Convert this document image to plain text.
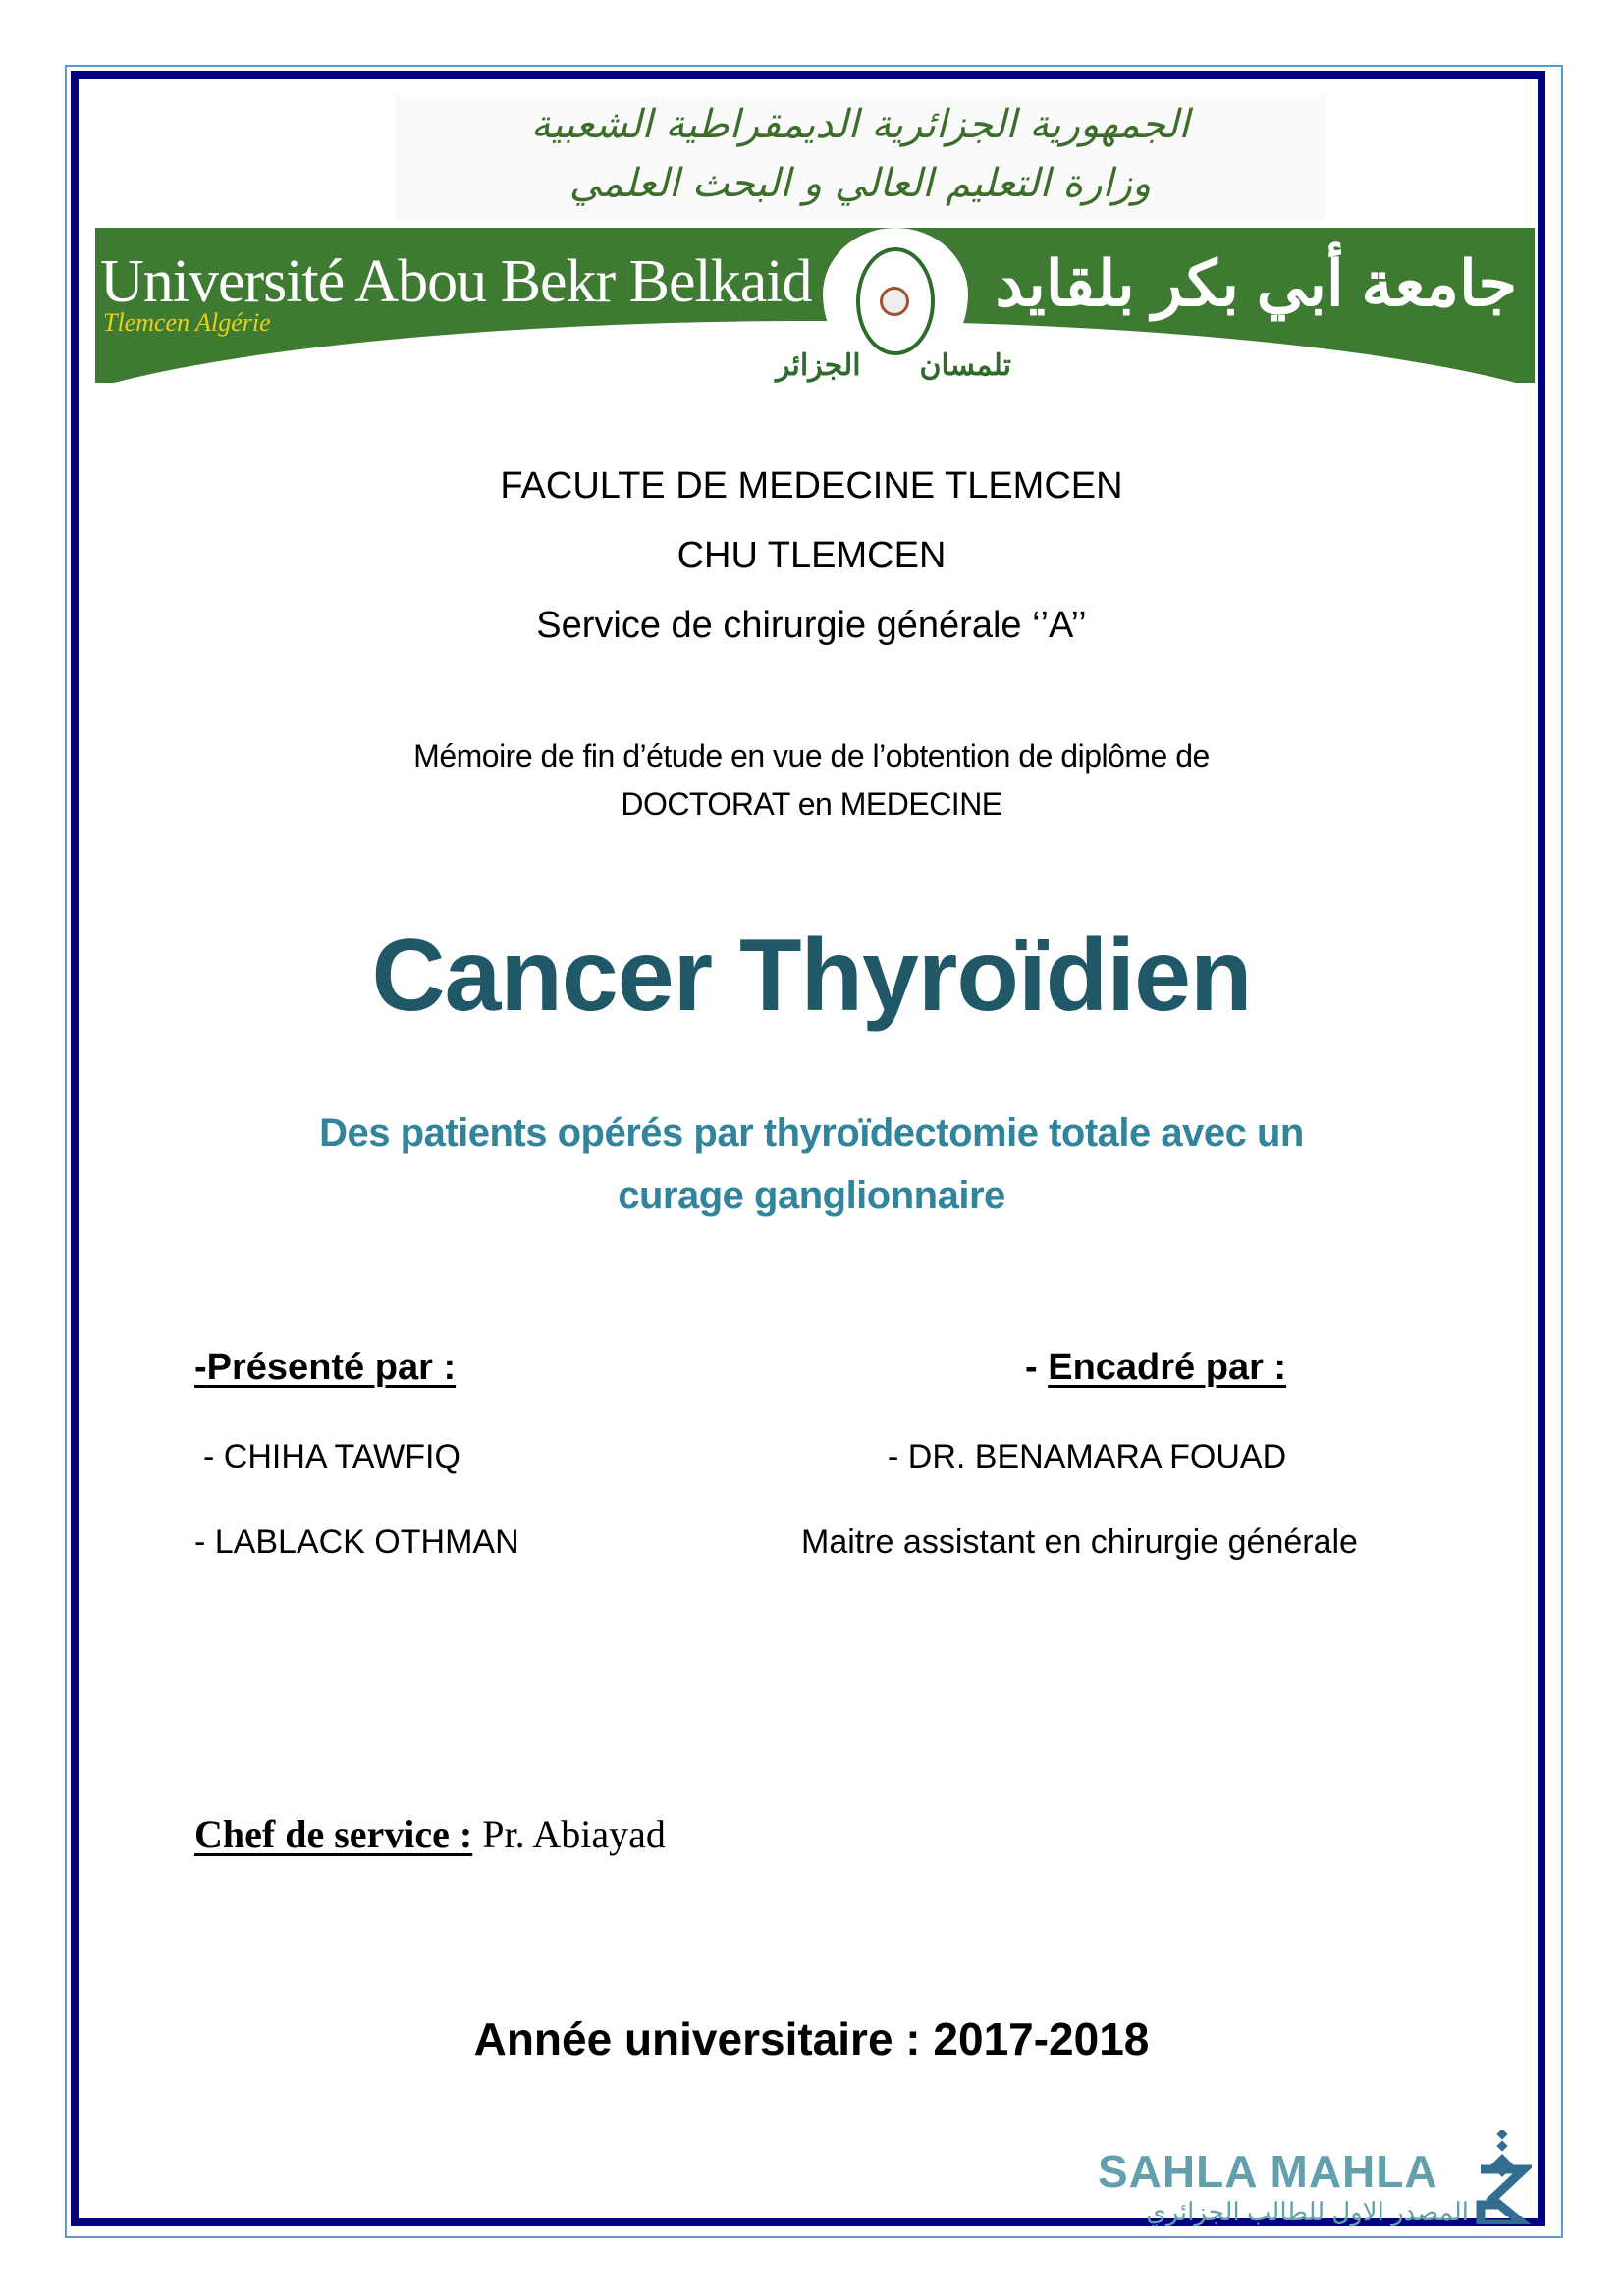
الجمهورية الجزائرية الديمقراطية الشعبية
وزارة التعليم العالي و البحث العلمي
Université Abou Bekr Belkaid
Tlemcen Algérie
جامعة أبي بكر بلقايد
تلمسان
الجزائر
FACULTE DE MEDECINE TLEMCEN
CHU TLEMCEN
Service de chirurgie générale ‘’A’’
Mémoire de fin d’étude en vue de l’obtention de diplôme de
DOCTORAT en MEDECINE
Cancer Thyroïdien
Des patients opérés par thyroïdectomie totale avec un
curage ganglionnaire
-Présenté par :
- CHIHA TAWFIQ
- LABLACK OTHMAN
- Encadré par :
- DR. BENAMARA FOUAD
Maitre assistant en chirurgie générale
Chef de service : Pr. Abiayad
Année universitaire : 2017-2018
SAHLA MAHLA
المصدر الاول للطالب الجزائري
